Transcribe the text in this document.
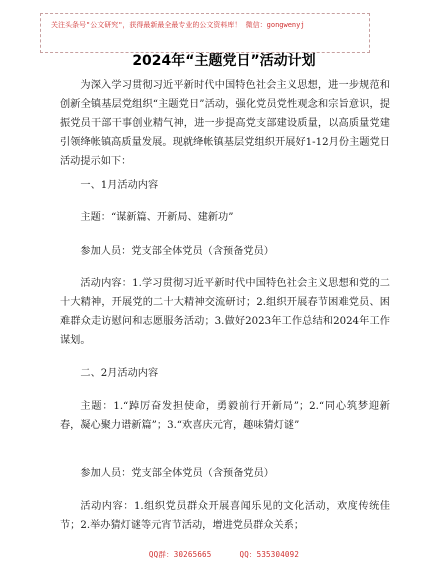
关注头条号"公文研究"，获得最新最全最专业的公文资料库！ 微信：gongwenyj
2024年“主题党日”活动计划
为深入学习贯彻习近平新时代中国特色社会主义思想，进一步规范和创新全镇基层党组织“主题党日”活动，强化党员党性观念和宗旨意识，提振党员干部干事创业精气神，进一步提高党支部建设质量，以高质量党建引领绛帐镇高质量发展。现就绛帐镇基层党组织开展好1-12月份主题党日活动提示如下：
一、1月活动内容
主题：“谋新篇、开新局、建新功”
参加人员：党支部全体党员（含预备党员）
活动内容：1.学习贯彻习近平新时代中国特色社会主义思想和党的二十大精神，开展党的二十大精神交流研讨；2.组织开展春节困难党员、困难群众走访慰问和志愿服务活动；3.做好2023年工作总结和2024年工作谋划。
二、2月活动内容
主题：1.“踔厉奋发担使命，勇毅前行开新局”；2.“同心筑梦迎新春，凝心聚力谱新篇”；3.“欢喜庆元宵，趣味猜灯谜”
参加人员：党支部全体党员（含预备党员）
活动内容：1.组织党员群众开展喜闻乐见的文化活动，欢度传统佳节；2.举办猜灯谜等元宵节活动，增进党员群众关系；
QQ群：30265665	QQ：535304092
